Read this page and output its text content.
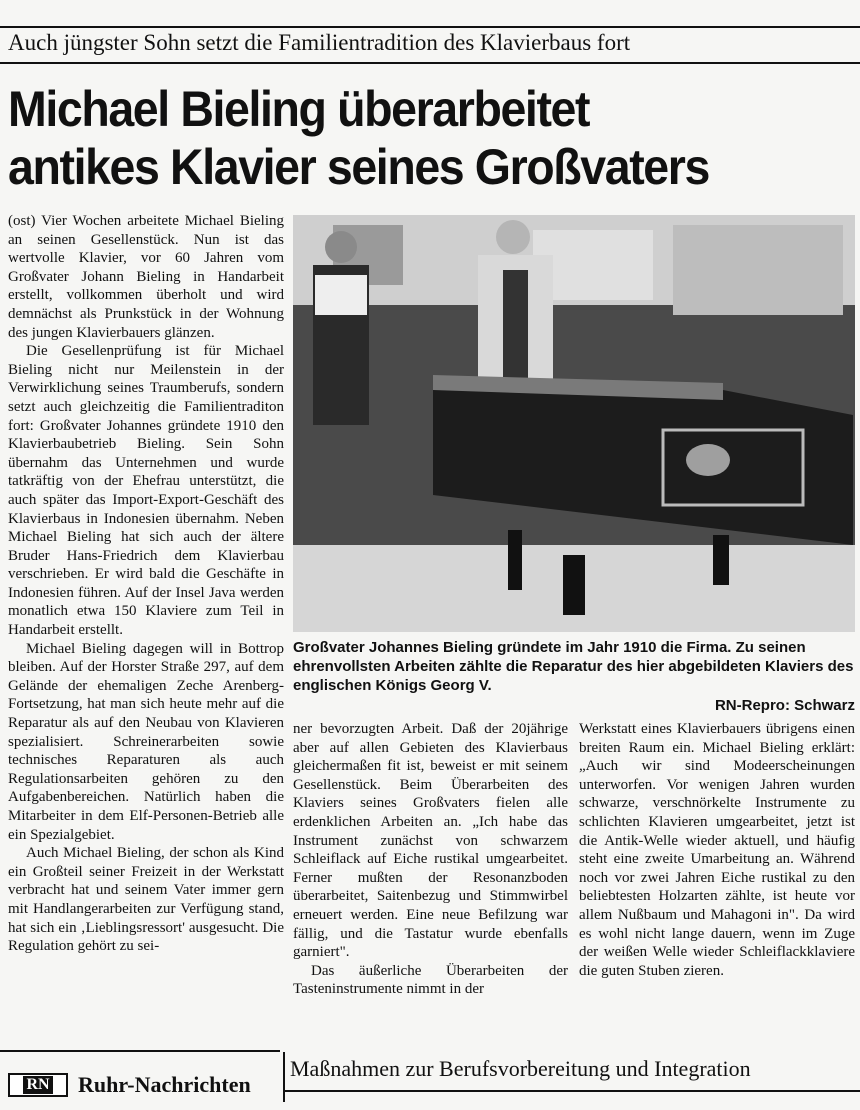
Auch jüngster Sohn setzt die Familientradition des Klavierbaus fort
Michael Bieling überarbeitet
antikes Klavier seines Großvaters

(ost) Vier Wochen arbeitete Michael Bieling an seinen Gesellenstück. Nun ist das wertvolle Klavier, vor 60 Jahren vom Großvater Johann Bieling in Handarbeit erstellt, vollkommen überholt und wird demnächst als Prunkstück in der Wohnung des jungen Klavierbauers glänzen.

Die Gesellenprüfung ist für Michael Bieling nicht nur Meilenstein in der Verwirklichung seines Traumberufs, sondern setzt auch gleichzeitig die Familientraditon fort: Großvater Johannes gründete 1910 den Klavierbaubetrieb Bieling. Sein Sohn übernahm das Unternehmen und wurde tatkräftig von der Ehefrau unterstützt, die auch später das Import-Export-Geschäft des Klavierbaus in Indonesien übernahm. Neben Michael Bieling hat sich auch der ältere Bruder Hans-Friedrich dem Klavierbau verschrieben. Er wird bald die Geschäfte in Indonesien führen. Auf der Insel Java werden monatlich etwa 150 Klaviere zum Teil in Handarbeit erstellt.

Michael Bieling dagegen will in Bottrop bleiben. Auf der Horster Straße 297, auf dem Gelände der ehemaligen Zeche Arenberg-Fortsetzung, hat man sich heute mehr auf die Reparatur als auf den Neubau von Klavieren spezialisiert. Schreinerarbeiten sowie technisches Reparaturen als auch Regulationsarbeiten gehören zu den Aufgabenbereichen. Natürlich haben die Mitarbeiter in dem Elf-Personen-Betrieb alle ein Spezialgebiet.

Auch Michael Bieling, der schon als Kind ein Großteil seiner Freizeit in der Werkstatt verbracht hat und seinem Vater immer gern mit Handlangerarbeiten zur Verfügung stand, hat sich ein ‚Lieblingsressort' ausgesucht. Die Regulation gehört zu sei-

Großvater Johannes Bieling gründete im Jahr 1910 die Firma. Zu seinen ehrenvollsten Arbeiten zählte die Reparatur des hier abgebildeten Klaviers des englischen Königs Georg V.
RN-Repro: Schwarz

ner bevorzugten Arbeit. Daß der 20jährige aber auf allen Gebieten des Klavierbaus gleichermaßen fit ist, beweist er mit seinem Gesellenstück. Beim Überarbeiten des Klaviers seines Großvaters fielen alle erdenklichen Arbeiten an. „Ich habe das Instrument zunächst von schwarzem Schleiflack auf Eiche rustikal umgearbeitet. Ferner mußten der Resonanzboden überarbeitet, Saitenbezug und Stimmwirbel erneuert werden. Eine neue Befilzung war fällig, und die Tastatur wurde ebenfalls garniert".

Das äußerliche Überarbeiten der Tasteninstrumente nimmt in der

Werkstatt eines Klavierbauers übrigens einen breiten Raum ein. Michael Bieling erklärt: „Auch wir sind Modeerscheinungen unterworfen. Vor wenigen Jahren wurden schwarze, verschnörkelte Instrumente zu schlichten Klavieren umgearbeitet, jetzt ist die Antik-Welle wieder aktuell, und häufig steht eine zweite Umarbeitung an. Während noch vor zwei Jahren Eiche rustikal zu den beliebtesten Holzarten zählte, ist heute vor allem Nußbaum und Mahagoni in". Da wird es wohl nicht lange dauern, wenn im Zuge der weißen Welle wieder Schleiflackklaviere die guten Stuben zieren.

RN Ruhr-Nachrichten
Maßnahmen zur Berufsvorbereitung und Integration
